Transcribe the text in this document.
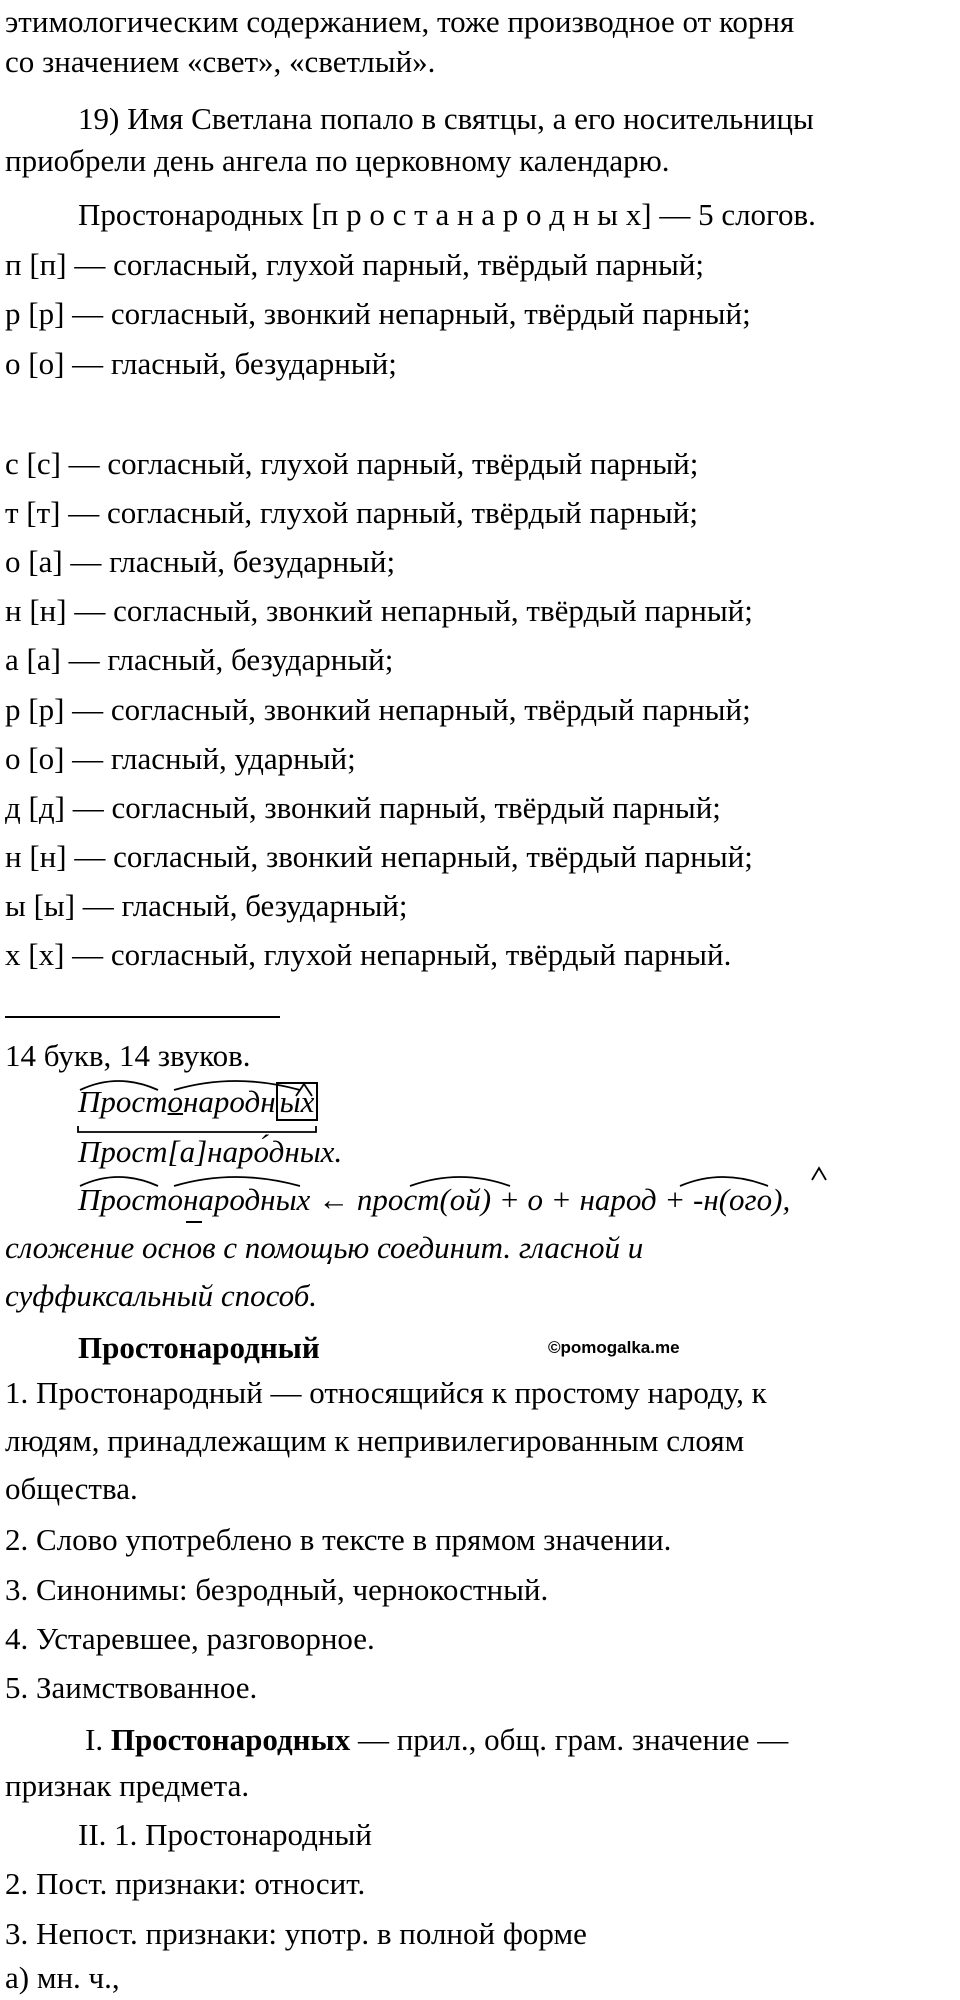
этимологическим содержанием, тоже производное от корня
со значением «свет», «светлый».
19) Имя Светлана попало в святцы, а его носительницы
приобрели день ангела по церковному календарю.
Простонародных [п р о с т а н а р о д н ы х] — 5 слогов.
п [п] — согласный, глухой парный, твёрдый парный;
р [р] — согласный, звонкий непарный, твёрдый парный;
о [о] — гласный, безударный;
с [с] — согласный, глухой парный, твёрдый парный;
т [т] — согласный, глухой парный, твёрдый парный;
о [а] — гласный, безударный;
н [н] — согласный, звонкий непарный, твёрдый парный;
а [а] — гласный, безударный;
р [р] — согласный, звонкий непарный, твёрдый парный;
о [о] — гласный, ударный;
д [д] — согласный, звонкий парный, твёрдый парный;
н [н] — согласный, звонкий непарный, твёрдый парный;
ы [ы] — гласный, безударный;
х [х] — согласный, глухой непарный, твёрдый парный.
14 букв, 14 звуков.
Простонародн ых
Прост[а]наро́дных.
Простонародных ← прост(ой) + о + народ + -н(ого),
сложение основ с помощью соединит. гласной и
суффиксальный способ.
Простонародный	©pomogalka.me
1. Простонародный — относящийся к простому народу, к
людям, принадлежащим к непривилегированным слоям
общества.
2. Слово употреблено в тексте в прямом значении.
3. Синонимы: безродный, чернокостный.
4. Устаревшее, разговорное.
5. Заимствованное.
I. Простонародных — прил., общ. грам. значение —
признак предмета.
II. 1. Простонародный
2. Пост. признаки: относит.
3. Непост. признаки: употр. в полной форме
а) мн. ч.,
